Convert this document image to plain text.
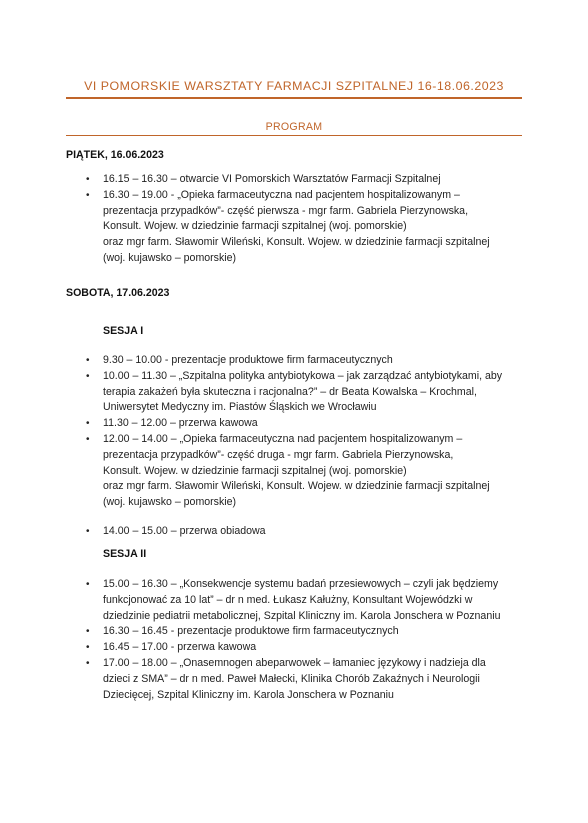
VI POMORSKIE WARSZTATY FARMACJI SZPITALNEJ 16-18.06.2023
PROGRAM
PIĄTEK, 16.06.2023
• 16.15 – 16.30 – otwarcie VI Pomorskich Warsztatów Farmacji Szpitalnej
• 16.30 – 19.00 - „Opieka farmaceutyczna nad pacjentem hospitalizowanym –
prezentacja przypadków”- część pierwsza - mgr farm. Gabriela Pierzynowska,
Konsult. Wojew. w dziedzinie farmacji szpitalnej (woj. pomorskie)
oraz mgr farm. Sławomir Wileński, Konsult. Wojew. w dziedzinie farmacji szpitalnej
(woj. kujawsko – pomorskie)
SOBOTA, 17.06.2023
SESJA I
• 9.30 – 10.00 - prezentacje produktowe firm farmaceutycznych
• 10.00 – 11.30 – „Szpitalna polityka antybiotykowa – jak zarządzać antybiotykami, aby
terapia zakażeń była skuteczna i racjonalna?” – dr Beata Kowalska – Krochmal,
Uniwersytet Medyczny im. Piastów Śląskich we Wrocławiu
• 11.30 – 12.00 – przerwa kawowa
• 12.00 – 14.00 – „Opieka farmaceutyczna nad pacjentem hospitalizowanym –
prezentacja przypadków”- część druga - mgr farm. Gabriela Pierzynowska,
Konsult. Wojew. w dziedzinie farmacji szpitalnej (woj. pomorskie)
oraz mgr farm. Sławomir Wileński, Konsult. Wojew. w dziedzinie farmacji szpitalnej
(woj. kujawsko – pomorskie)
• 14.00 – 15.00 – przerwa obiadowa
SESJA II
• 15.00 – 16.30 – „Konsekwencje systemu badań przesiewowych – czyli jak będziemy
funkcjonować za 10 lat” – dr n med. Łukasz Kałużny, Konsultant Wojewódzki w
dziedzinie pediatrii metabolicznej, Szpital Kliniczny im. Karola Jonschera w Poznaniu
• 16.30 – 16.45 - prezentacje produktowe firm farmaceutycznych
• 16.45 – 17.00 - przerwa kawowa
• 17.00 – 18.00 – „Onasemnogen abeparwowek – łamaniec językowy i nadzieja dla
dzieci z SMA” – dr n med. Paweł Małecki, Klinika Chorób Zakaźnych i Neurologii
Dziecięcej, Szpital Kliniczny im. Karola Jonschera w Poznaniu
